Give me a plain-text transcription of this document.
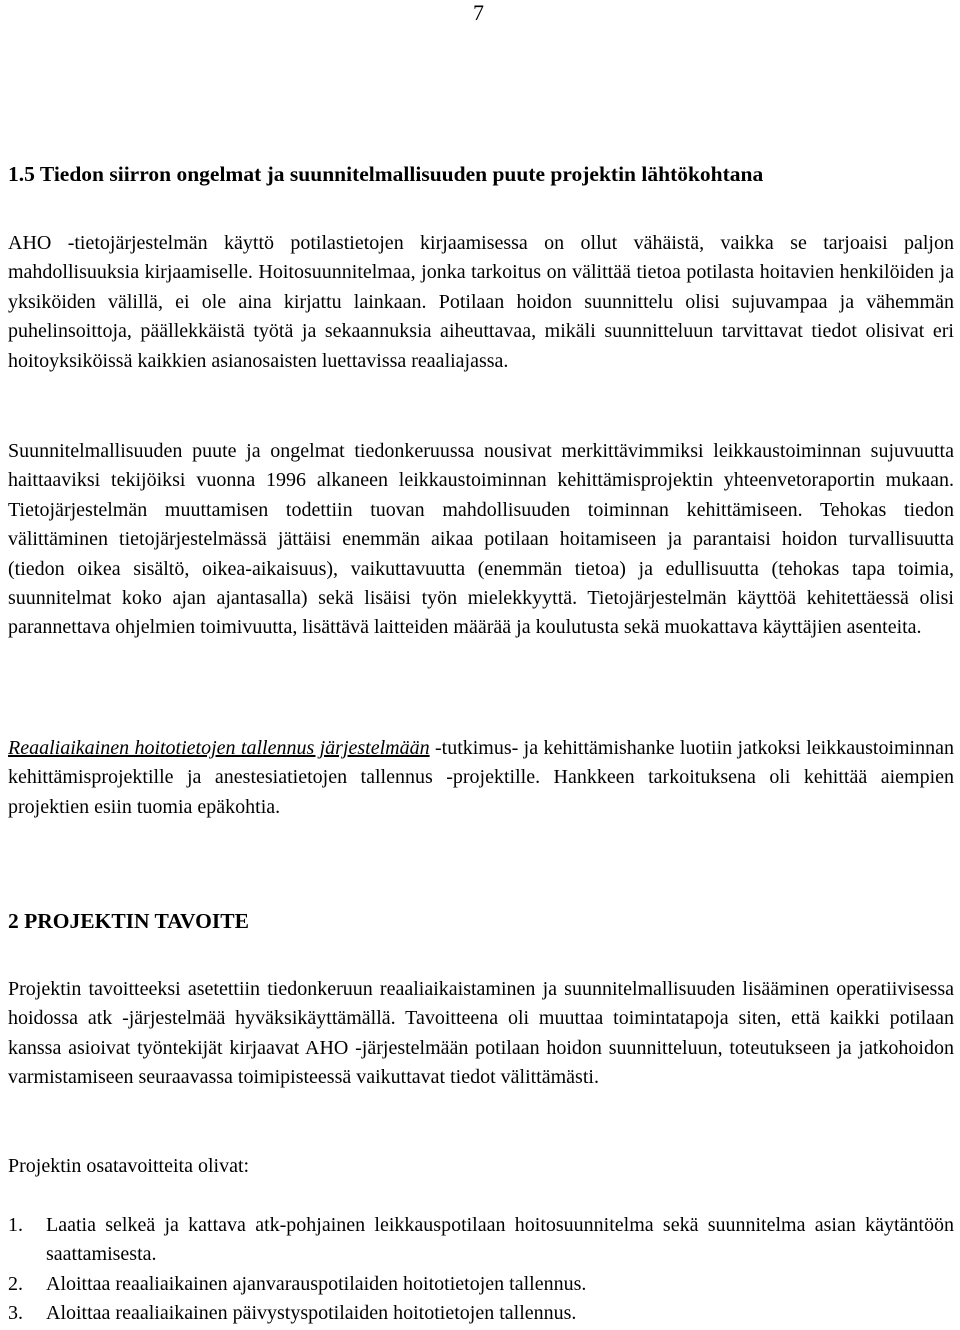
7
1.5 Tiedon siirron ongelmat ja suunnitelmallisuuden puute projektin lähtökohtana
AHO -tietojärjestelmän käyttö potilastietojen kirjaamisessa on ollut vähäistä, vaikka se tarjoaisi paljon mahdollisuuksia kirjaamiselle. Hoitosuunnitelmaa, jonka tarkoitus on välittää tietoa potilasta hoitavien henkilöiden ja yksiköiden välillä, ei ole aina kirjattu lainkaan. Potilaan hoidon suunnittelu olisi sujuvampaa ja vähemmän puhelinsoittoja, päällekkäistä työtä ja sekaannuksia aiheuttavaa, mikäli suunnitteluun tarvittavat tiedot olisivat eri hoitoyksiköissä kaikkien asianosaisten luettavissa reaaliajassa.
Suunnitelmallisuuden puute ja ongelmat tiedonkeruussa nousivat merkittävimmiksi leikkaustoiminnan sujuvuutta haittaaviksi tekijöiksi vuonna 1996 alkaneen leikkaustoiminnan kehittämisprojektin yhteenvetoraportin mukaan. Tietojärjestelmän muuttamisen todettiin tuovan mahdollisuuden toiminnan kehittämiseen. Tehokas tiedon välittäminen tietojärjestelmässä jättäisi enemmän aikaa potilaan hoitamiseen ja parantaisi hoidon turvallisuutta (tiedon oikea sisältö, oikea-aikaisuus), vaikuttavuutta (enemmän tietoa) ja edullisuutta (tehokas tapa toimia, suunnitelmat koko ajan ajantasalla) sekä lisäisi työn mielekkyyttä. Tietojärjestelmän käyttöä kehitettäessä olisi parannettava ohjelmien toimivuutta, lisättävä laitteiden määrää ja koulutusta sekä muokattava käyttäjien asenteita.
Reaaliaikainen hoitotietojen tallennus järjestelmään -tutkimus- ja kehittämishanke luotiin jatkoksi leikkaustoiminnan kehittämisprojektille ja anestesiatietojen tallennus -projektille. Hankkeen tarkoituksena oli kehittää aiempien projektien esiin tuomia epäkohtia.
2 PROJEKTIN TAVOITE
Projektin tavoitteeksi asetettiin tiedonkeruun reaaliaikaistaminen ja suunnitelmallisuuden lisääminen operatiivisessa hoidossa atk -järjestelmää hyväksikäyttämällä. Tavoitteena oli muuttaa toimintatapoja siten, että kaikki potilaan kanssa asioivat työntekijät kirjaavat AHO -järjestelmään potilaan hoidon suunnitteluun, toteutukseen ja jatkohoidon varmistamiseen seuraavassa toimipisteessä vaikuttavat tiedot välittämästi.
Projektin osatavoitteita olivat:
1.	Laatia selkeä ja kattava atk-pohjainen leikkauspotilaan hoitosuunnitelma sekä suunnitelma asian käytäntöön saattamisesta.
2.	Aloittaa reaaliaikainen ajanvarauspotilaiden hoitotietojen tallennus.
3.	Aloittaa reaaliaikainen päivystyspotilaiden hoitotietojen tallennus.
